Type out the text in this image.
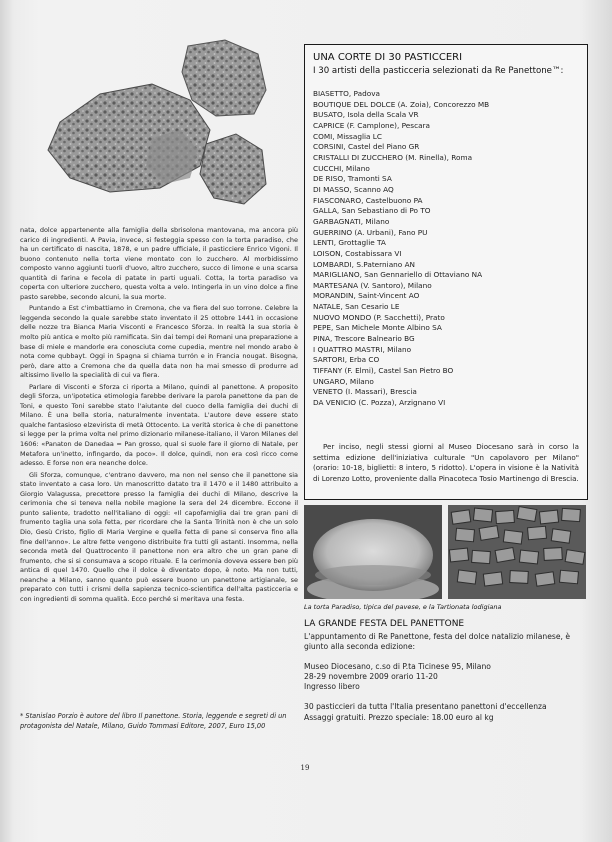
nata, dolce appartenente alla famiglia della sbrisolona mantovana, ma ancora più carico di ingredienti. A Pavia, invece, si festeggia spesso con la torta paradiso, che ha un certificato di nascita, 1878, e un padre ufficiale, il pasticciere Enrico Vigoni. Il buono contenuto nella torta viene montato con lo zucchero. Al morbidissimo composto vanno aggiunti tuorli d'uovo, altro zucchero, succo di limone e una scarsa quantità di farina e fecola di patate in parti uguali. Cotta, la torta paradiso va coperta con ulteriore zucchero, questa volta a velo. Intingerla in un vino dolce a fine pasto sarebbe, secondo alcuni, la sua morte.

Puntando a Est c'imbattiamo in Cremona, che va fiera del suo torrone. Celebre la leggenda secondo la quale sarebbe stato inventato il 25 ottobre 1441 in occasione delle nozze tra Bianca Maria Visconti e Francesco Sforza. In realtà la sua storia è molto più antica e molto più ramificata. Sin dai tempi dei Romani una preparazione a base di miele e mandorle era conosciuta come cupedia, mentre nel mondo arabo è nota come qubbayt. Oggi in Spagna si chiama turrón e in Francia nougat. Bisogna, però, dare atto a Cremona che da quella data non ha mai smesso di produrre ad altissimo livello la specialità di cui va fiera.

Parlare di Visconti e Sforza ci riporta a Milano, quindi al panettone. A proposito degli Sforza, un'ipotetica etimologia farebbe derivare la parola panettone da pan de Toni, e questo Toni sarebbe stato l'aiutante del cuoco della famiglia dei duchi di Milano. È una bella storia, naturalmente inventata. L'autore deve essere stato qualche fantasioso elzevirista di metà Ottocento. La verità storica è che di panettone si legge per la prima volta nel primo dizionario milanese-italiano, il Varon Milanes del 1606: «Panaton de Danedaa = Pan grosso, qual si suole fare il giorno di Natale, per Metafora un'inetto, infingardo, da poco». Il dolce, quindi, non era così ricco come adesso. E forse non era neanche dolce.

Gli Sforza, comunque, c'entrano davvero, ma non nel senso che il panettone sia stato inventato a casa loro. Un manoscritto datato tra il 1470 e il 1480 attribuito a Giorgio Valagussa, precettore presso la famiglia dei duchi di Milano, descrive la cerimonia che si teneva nella nobile magione la sera del 24 dicembre. Eccone il punto saliente, tradotto nell'italiano di oggi: «Il capofamiglia dai tre gran pani di frumento taglia una sola fetta, per ricordare che la Santa Trinità non è che un solo Dio, Gesù Cristo, figlio di Maria Vergine e quella fetta di pane si conserva fino alla fine dell'anno». Le altre fette vengono distribuite fra tutti gli astanti. Insomma, nella seconda metà del Quattrocento il panettone non era altro che un gran pane di frumento, che si si consumava a scopo rituale. E la cerimonia doveva essere ben più antica di quel 1470. Quello che il dolce è diventato dopo, è noto. Ma non tutti, neanche a Milano, sanno quanto può essere buono un panettone artigianale, se preparato con tutti i crismi della sapienza tecnico-scientifica dell'alta pasticceria e con ingredienti di somma qualità. Ecco perché si meritava una festa.

* Stanislao Porzio è autore del libro Il panettone. Storia, leggende e segreti di un protagonista del Natale, Milano, Guido Tommasi Editore, 2007, Euro 15,00
UNA CORTE DI 30 PASTICCERI
I 30 artisti della pasticceria selezionati da Re Panettone™:
BIASETTO, Padova
BOUTIQUE DEL DOLCE (A. Zoia), Concorezzo MB
BUSATO, Isola della Scala VR
CAPRICE (F. Camplone), Pescara
COMI, Missaglia LC
CORSINI, Castel del Piano GR
CRISTALLI DI ZUCCHERO (M. Rinella), Roma
CUCCHI, Milano
DE RISO, Tramonti SA
DI MASSO, Scanno AQ
FIASCONARO, Castelbuono PA
GALLA, San Sebastiano di Po TO
GARBAGNATI, Milano
GUERRINO (A. Urbani), Fano PU
LENTI, Grottaglie TA
LOISON, Costabissara VI
LOMBARDI, S.Paterniano AN
MARIGLIANO, San Gennariello di Ottaviano NA
MARTESANA (V. Santoro), Milano
MORANDIN, Saint-Vincent AO
NATALE, San Cesario LE
NUOVO MONDO (P. Sacchetti), Prato
PEPE, San Michele Monte Albino SA
PINA, Trescore Balneario BG
I QUATTRO MASTRI, Milano
SARTORI, Erba CO
TIFFANY (F. Elmi), Castel San Pietro BO
UNGARO, Milano
VENETO (I. Massari), Brescia
DA VENICIO (C. Pozza), Arzignano VI

Per inciso, negli stessi giorni al Museo Diocesano sarà in corso la settima edizione dell'iniziativa culturale "Un capolavoro per Milano" (orario: 10-18, biglietti: 8 intero, 5 ridotto). L'opera in visione è la Natività di Lorenzo Lotto, proveniente dalla Pinacoteca Tosio Martinengo di Brescia.

La torta Paradiso, tipica del pavese, e la Tartionata lodigiana
LA GRANDE FESTA DEL PANETTONE
L'appuntamento di Re Panettone, festa del dolce natalizio milanese, è giunto alla seconda edizione:
Museo Diocesano, c.so di P.ta Ticinese 95, Milano
28-29 novembre 2009 orario 11-20
Ingresso libero
30 pasticcieri da tutta l'Italia presentano panettoni d'eccellenza
Assaggi gratuiti. Prezzo speciale: 18.00 euro al kg
19
